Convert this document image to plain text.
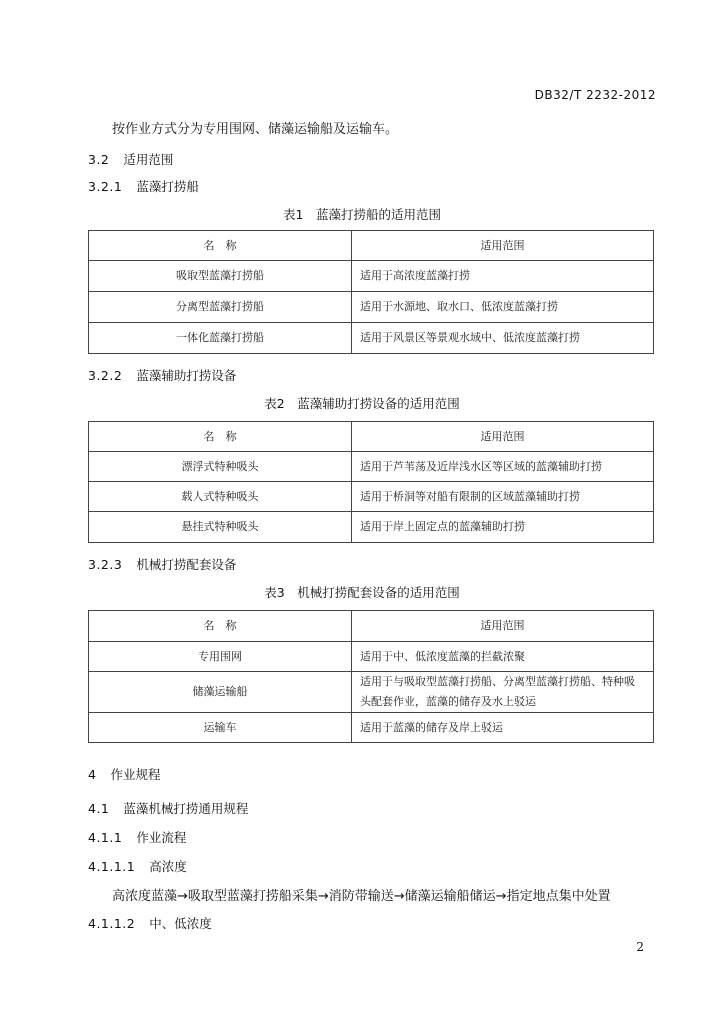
DB32/T 2232-2012
按作业方式分为专用围网、储藻运输船及运输车。
3.2 适用范围
3.2.1 蓝藻打捞船
表1　蓝藻打捞船的适用范围
名　称	适用范围
吸取型蓝藻打捞船	适用于高浓度蓝藻打捞
分离型蓝藻打捞船	适用于水源地、取水口、低浓度蓝藻打捞
一体化蓝藻打捞船	适用于风景区等景观水域中、低浓度蓝藻打捞
3.2.2 蓝藻辅助打捞设备
表2　蓝藻辅助打捞设备的适用范围
名　称	适用范围
漂浮式特种吸头	适用于芦苇荡及近岸浅水区等区域的蓝藻辅助打捞
载人式特种吸头	适用于桥洞等对船有限制的区域蓝藻辅助打捞
悬挂式特种吸头	适用于岸上固定点的蓝藻辅助打捞
3.2.3 机械打捞配套设备
表3　机械打捞配套设备的适用范围
名　称	适用范围
专用围网	适用于中、低浓度蓝藻的拦截浓聚
储藻运输船	适用于与吸取型蓝藻打捞船、分离型蓝藻打捞船、特种吸头配套作业，蓝藻的储存及水上驳运
运输车	适用于蓝藻的储存及岸上驳运
4 作业规程
4.1 蓝藻机械打捞通用规程
4.1.1 作业流程
4.1.1.1 高浓度
高浓度蓝藻→吸取型蓝藻打捞船采集→消防带输送→储藻运输船储运→指定地点集中处置
4.1.1.2 中、低浓度
2
